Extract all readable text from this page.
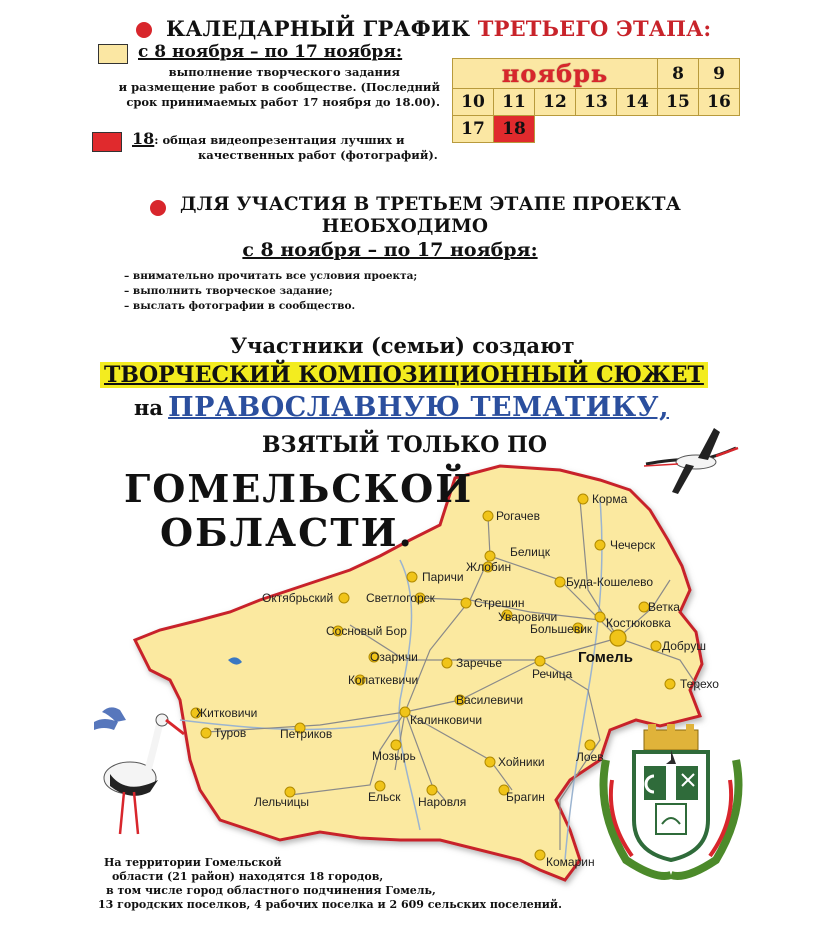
КАЛЕДАРНЫЙ ГРАФИК ТРЕТЬЕГО ЭТАПА:
с 8 ноября – по 17 ноября:
выполнение творческого задания
и размещение работ в сообществе. (Последний
срок принимаемых работ 17 ноября до 18.00).
18: общая видеопрезентация лучших и
качественных работ (фотографий).
ноябрь					8	9
10	11	12	13	14	15	16
17	18					
ДЛЯ УЧАСТИЯ В ТРЕТЬЕМ ЭТАПЕ ПРОЕКТА
НЕОБХОДИМО
с 8 ноября – по 17 ноября:
– внимательно прочитать все условия проекта;
– выполнить творческое задание;
– выслать фотографии в сообщество.
Участники (семьи) создают
ТВОРЧЕСКИЙ КОМПОЗИЦИОННЫЙ СЮЖЕТ
на ПРАВОСЛАВНУЮ ТЕМАТИКУ,
ВЗЯТЫЙ ТОЛЬКО ПО
Корма
Рогачев
Белицк	Чечерск
Жлобин
Буда-Кошелево
Паричи
Октябрьский	Светлогорск	Стрешин	Ветка
Уваровичи	Костюковка
Сосновый Бор	Большевик
Добруш
Озаричи	Заречье
Речица
Копаткевичи	Терехо
Василевичи
Житковичи	Калинковичи
Туров	Петриков
Мозырь	Лоев
Хойники
Ельск	Брагин
Лельчицы	Наровля
Комарин
Гомель
ГОМЕЛЬСКОЙ
ОБЛАСТИ.
На территории Гомельской
области (21 район) находятся 18 городов,
в том числе город областного подчинения Гомель,
13 городских поселков, 4 рабочих поселка и 2 609 сельских поселений.
